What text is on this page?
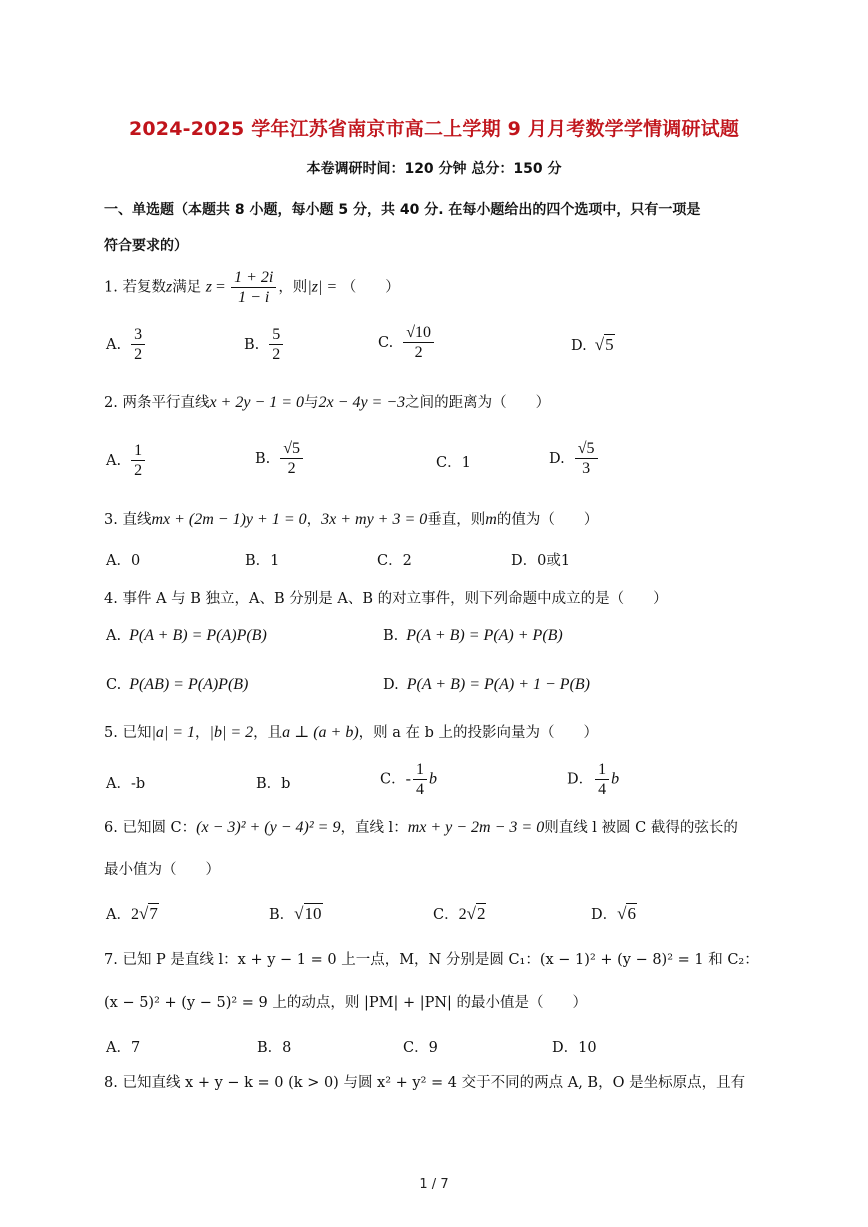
2024-2025 学年江苏省南京市高二上学期 9 月月考数学学情调研试题
本卷调研时间：120 分钟 总分：150 分
一、单选题（本题共 8 小题，每小题 5 分，共 40 分. 在每小题给出的四个选项中，只有一项是
符合要求的）
1. 若复数z满足 $z = \frac{1 + 2i}{1 - i}$ ，则|z| = （　　）
A. $\frac{3}{2}$	B. $\frac{5}{2}$	C. $\frac{√10}{2}$	D. √5
2. 两条平行直线x + 2y − 1 = 0与2x − 4y = −3之间的距离为（　　）
A. $\frac{1}{2}$	B. $\frac{√5}{2}$	C．1	D. $\frac{√5}{3}$
3. 直线mx + (2m − 1)y + 1 = 0，3x + my + 3 = 0垂直，则m的值为（　　）
A．0	B．1	C．2	D．0或1
4. 事件 A 与 B 独立，A、B 分别是 A、B 的对立事件，则下列命题中成立的是（　　）
A. P(A + B) = P(A)P(B)	B. P(A + B) = P(A) + P(B)
C. P(AB) = P(A)P(B)	D. P(A + B) = P(A) + 1 − P(B)
5. 已知|a| = 1，|b| = 2，且a ⊥ (a + b)，则 a 在 b 上的投影向量为（　　）
A．-b	B．b	C．- $\frac{1}{4}$ b	D． $\frac{1}{4}$ b
6. 已知圆 C：(x − 3)² + (y − 4)² = 9，直线 l：mx + y − 2m − 3 = 0则直线 l 被圆 C 截得的弦长的
最小值为（　　）
A．2√7	B．√10	C．2√2	D．√6
7. 已知 P 是直线 l：x + y − 1 = 0 上一点，M，N 分别是圆 C₁：(x − 1)² + (y − 8)² = 1 和 C₂：
(x − 5)² + (y − 5)² = 9 上的动点，则 |PM| + |PN| 的最小值是（　　）
A．7	B．8	C．9	D．10
8. 已知直线 x + y − k = 0 (k > 0) 与圆 x² + y² = 4 交于不同的两点 A, B，O 是坐标原点，且有
1 / 7
